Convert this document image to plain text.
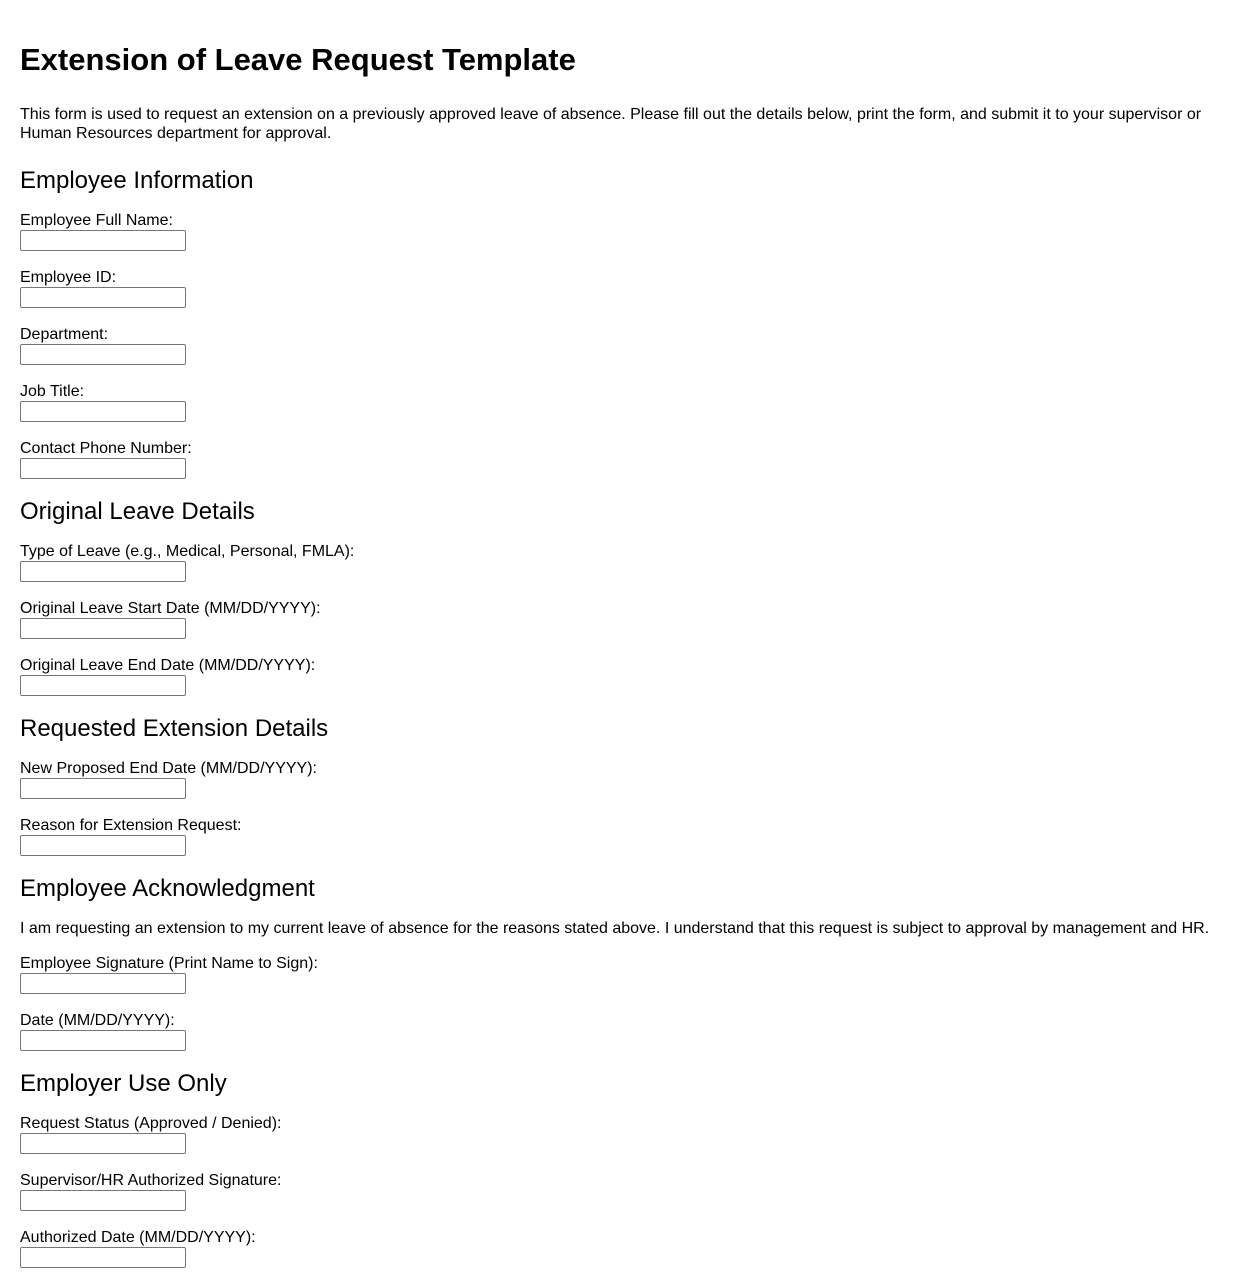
Extension of Leave Request Template

This form is used to request an extension on a previously approved leave of absence. Please fill out the details below, print the form, and submit it to your supervisor or Human Resources department for approval.

Employee Information
Employee Full Name:
Employee ID:
Department:
Job Title:
Contact Phone Number:
Original Leave Details
Type of Leave (e.g., Medical, Personal, FMLA):
Original Leave Start Date (MM/DD/YYYY):
Original Leave End Date (MM/DD/YYYY):
Requested Extension Details
New Proposed End Date (MM/DD/YYYY):
Reason for Extension Request:
Employee Acknowledgment

I am requesting an extension to my current leave of absence for the reasons stated above. I understand that this request is subject to approval by management and HR.

Employee Signature (Print Name to Sign):
Date (MM/DD/YYYY):
Employer Use Only
Request Status (Approved / Denied):
Supervisor/HR Authorized Signature:
Authorized Date (MM/DD/YYYY):
